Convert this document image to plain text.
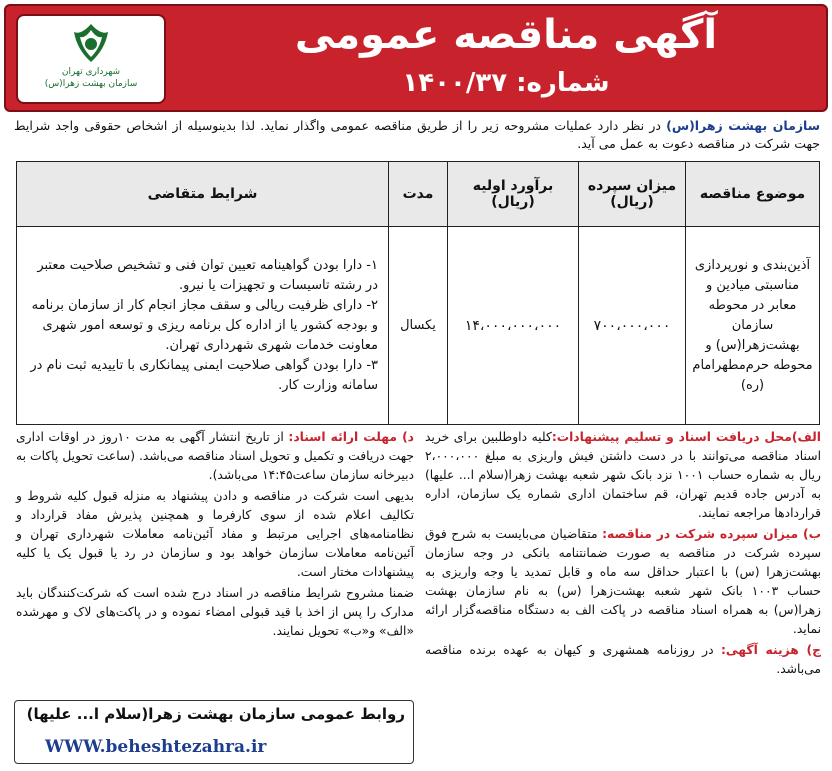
شهرداری تهران
سازمان بهشت زهرا(س)
آگهی مناقصه عمومی
شماره: ۱۴۰۰/۳۷
سازمان بهشت زهرا(س) در نظر دارد عملیات مشروحه زیر را از طریق مناقصه عمومی واگذار نماید. لذا بدینوسیله از اشخاص حقوقی واجد شرایط جهت شرکت در مناقصه دعوت به عمل می آید.
موضوع مناقصه	میزان سپرده (ریال)	برآورد اولیه (ریال)	مدت	شرایط متقاضی
آذین‌بندی و نورپردازی مناسبتی میادین و معابر در محوطه سازمان بهشت‌زهرا(س) و محوطه حرم‌مطهرامام (ره)	۷۰۰،۰۰۰،۰۰۰	۱۴،۰۰۰،۰۰۰،۰۰۰	یکسال	۱- دارا بودن گواهینامه تعیین توان فنی و تشخیص صلاحیت معتبر در رشته تاسیسات و تجهیزات یا نیرو.
۲- دارای ظرفیت ریالی و سقف مجاز انجام کار از سازمان برنامه و بودجه کشور یا از اداره کل برنامه ریزی و توسعه امور شهری معاونت خدمات شهری شهرداری تهران.
۳- دارا بودن گواهی صلاحیت ایمنی پیمانکاری با تاییدیه ثبت نام در سامانه وزارت کار.

الف)محل دریافت اسناد و تسلیم پیشنهادات:کلیه داوطلبین برای خرید اسناد مناقصه می‌توانند با در دست داشتن فیش واریزی به مبلغ ۲،۰۰۰،۰۰۰ ریال به شماره حساب ۱۰۰۱ نزد بانک شهر شعبه بهشت زهرا(سلام ا... علیها) به آدرس جاده قدیم تهران، قم ساختمان اداری شماره یک سازمان، اداره قراردادها مراجعه نمایند.

ب) میزان سپرده شرکت در مناقصه: متقاضیان می‌بایست به شرح فوق سپرده شرکت در مناقصه به صورت ضمانتنامه بانکی در وجه سازمان بهشت‌زهرا (س) با اعتبار حداقل سه ماه و قابل تمدید یا وجه واریزی به حساب ۱۰۰۳ بانک شهر شعبه بهشت‌زهرا (س) به نام سازمان بهشت زهرا(س) به همراه اسناد مناقصه در پاکت الف به دستگاه مناقصه‌گزار ارائه نماید.

ج) هزینه آگهی: در روزنامه همشهری و کیهان به عهده برنده مناقصه می‌باشد.

د) مهلت ارائه اسناد: از تاریخ انتشار آگهی به مدت ۱۰روز در اوقات اداری جهت دریافت و تکمیل و تحویل اسناد مناقصه می‌باشد. (ساعت تحویل پاکات به دبیرخانه سازمان ساعت۱۴:۴۵ می‌باشد).

بدیهی است شرکت در مناقصه و دادن پیشنهاد به منزله قبول کلیه شروط و تکالیف اعلام شده از سوی کارفرما و همچنین پذیرش مفاد قرارداد و نظامنامه‌های اجرایی مرتبط و مفاد آئین‌نامه معاملات شهرداری تهران و آئین‌نامه معاملات سازمان خواهد بود و سازمان در رد یا قبول یک یا کلیه پیشنهادات مختار است.

ضمنا مشروح شرایط مناقصه در اسناد درج شده است که شرکت‌کنندگان باید مدارک را پس از اخذ با قید قبولی امضاء نموده و در پاکت‌های لاک و مهرشده «الف» و«ب» تحویل نمایند.

روابط عمومی سازمان بهشت زهرا(سلام ا... علیها)
WWW.beheshtezahra.ir
